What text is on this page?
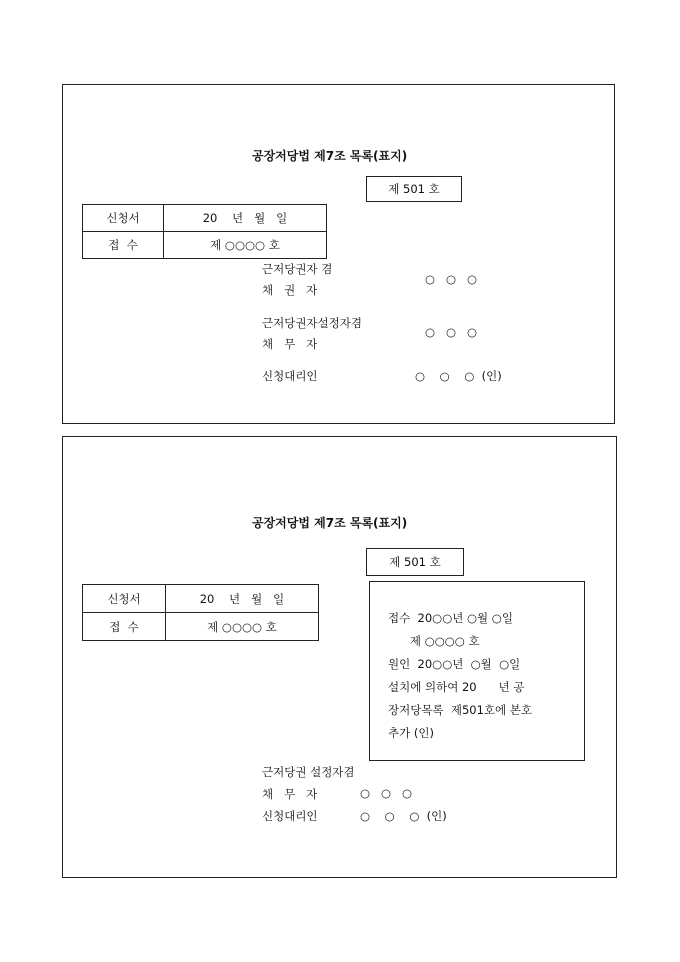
공장저당법 제7조 목록(표지)
제 501 호
신청서	20    년   월   일
접  수	제 ○○○○ 호
근저당권자 겸
채   권   자
○   ○   ○
근저당권자설정자겸
채   무   자
○   ○   ○
신청대리인	○    ○    ○  (인)
공장저당법 제7조 목록(표지)
제 501 호
신청서	20    년   월   일
접  수	제 ○○○○ 호
접수  20○○년 ○월 ○일
제 ○○○○ 호
원인  20○○년  ○월  ○일
설치에 의하여 20      년 공
장저당목록  제501호에 본호
추가 (인)
근저당권 설정자겸
채   무   자	○   ○   ○
신청대리인	○    ○    ○  (인)
